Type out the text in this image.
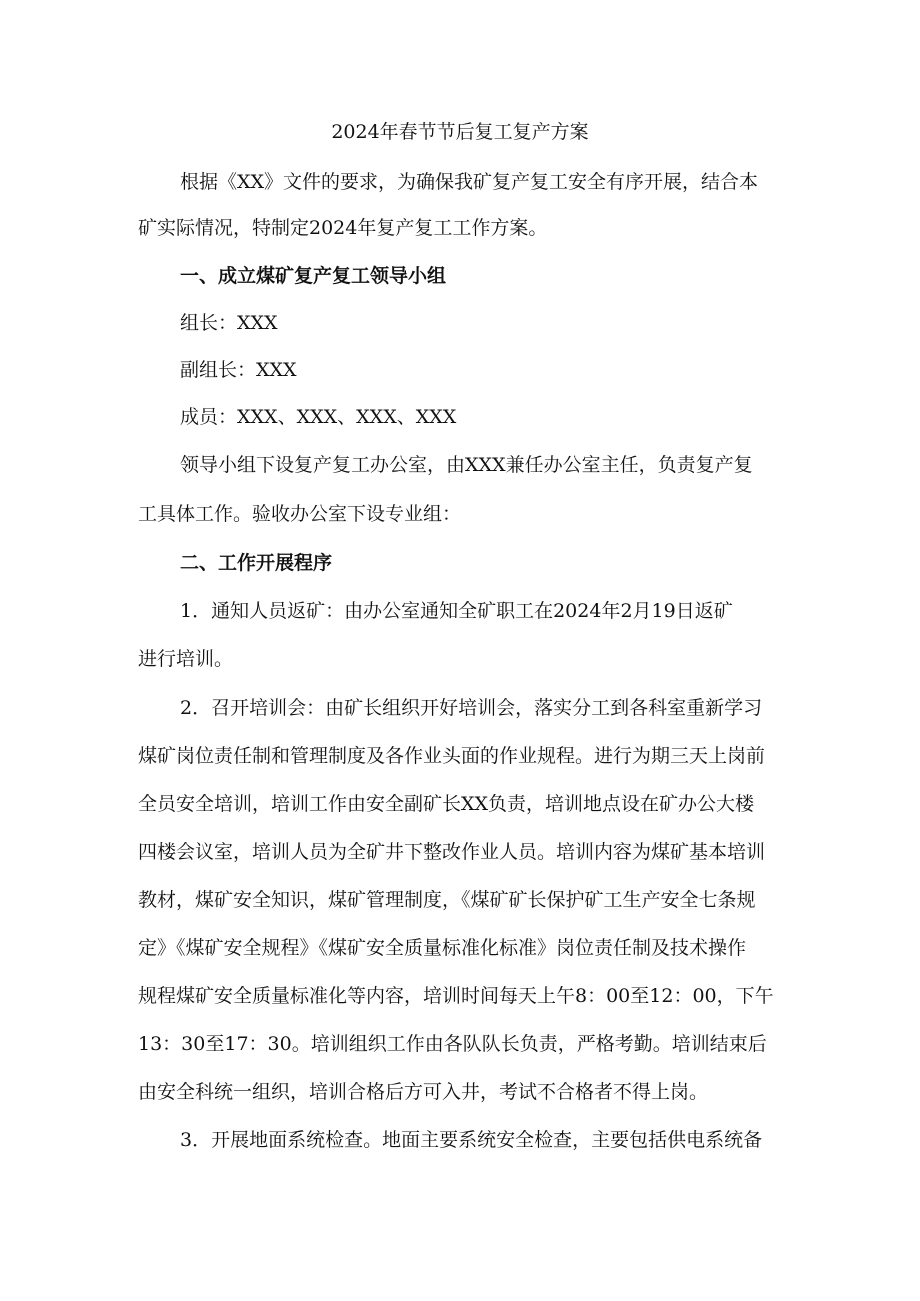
2024年春节节后复工复产方案
根据《XX》文件的要求，为确保我矿复产复工安全有序开展，结合本
矿实际情况，特制定2024年复产复工工作方案。
一、成立煤矿复产复工领导小组
组长：XXX
副组长：XXX
成员：XXX、XXX、XXX、XXX
领导小组下设复产复工办公室，由XXX兼任办公室主任，负责复产复
工具体工作。验收办公室下设专业组：
二、工作开展程序
1．通知人员返矿：由办公室通知全矿职工在2024年2月19日返矿
进行培训。
2．召开培训会：由矿长组织开好培训会，落实分工到各科室重新学习
煤矿岗位责任制和管理制度及各作业头面的作业规程。进行为期三天上岗前
全员安全培训，培训工作由安全副矿长XX负责，培训地点设在矿办公大楼
四楼会议室，培训人员为全矿井下整改作业人员。培训内容为煤矿基本培训
教材，煤矿安全知识，煤矿管理制度，《煤矿矿长保护矿工生产安全七条规
定》《煤矿安全规程》《煤矿安全质量标准化标准》岗位责任制及技术操作
规程煤矿安全质量标准化等内容，培训时间每天上午8：00至12：00，下午
13：30至17：30。培训组织工作由各队队长负责，严格考勤。培训结束后
由安全科统一组织，培训合格后方可入井，考试不合格者不得上岗。
3．开展地面系统检查。地面主要系统安全检查，主要包括供电系统备
